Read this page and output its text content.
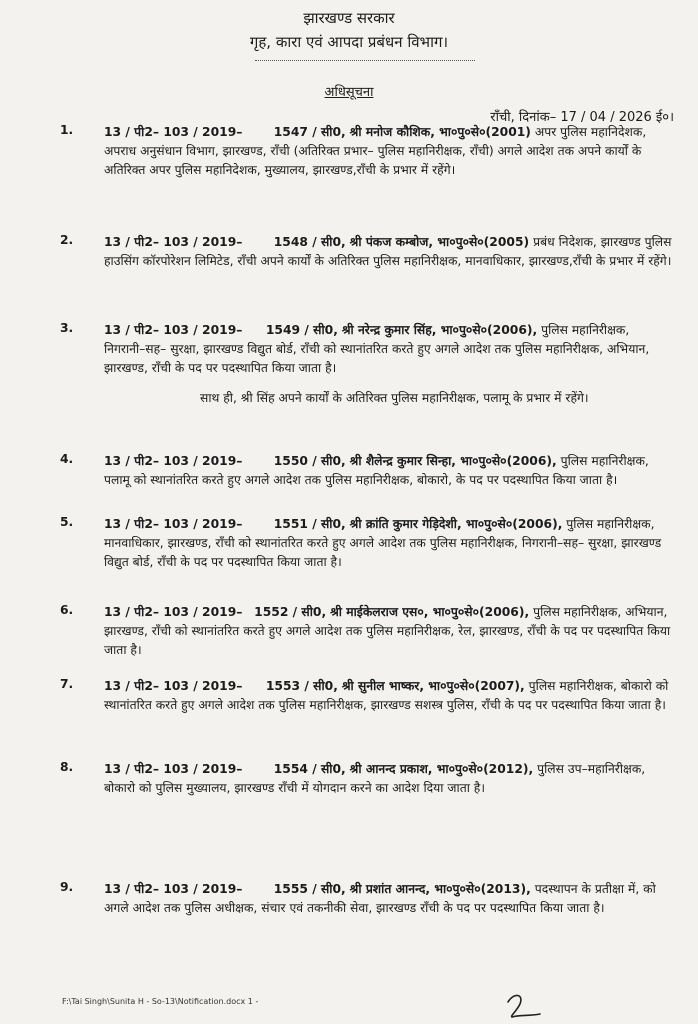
झारखण्ड सरकार
गृह, कारा एवं आपदा प्रबंधन विभाग।
अधिसूचना
राँची, दिनांक– 17 / 04 / 2026 ई०।
1.	13 / पी2– 103 / 2019–	1547 / सी0, श्री मनोज कौशिक, भा०पु०से०(2001) अपर पुलिस महानिदेशक, अपराध अनुसंधान विभाग, झारखण्ड, राँची (अतिरिक्त प्रभार– पुलिस महानिरीक्षक, राँची) अगले आदेश तक अपने कार्यों के अतिरिक्त अपर पुलिस महानिदेशक, मुख्यालय, झारखण्ड,राँची के प्रभार में रहेंगे।
2.	13 / पी2– 103 / 2019–	1548 / सी0, श्री पंकज कम्बोज, भा०पु०से०(2005) प्रबंध निदेशक, झारखण्ड पुलिस हाउसिंग कॉरपोरेशन लिमिटेड, राँची अपने कार्यों के अतिरिक्त पुलिस महानिरीक्षक, मानवाधिकार, झारखण्ड,राँची के प्रभार में रहेंगे।
3.	13 / पी2– 103 / 2019– 1549 / सी0, श्री नरेन्द्र कुमार सिंह, भा०पु०से०(2006), पुलिस महानिरीक्षक, निगरानी–सह– सुरक्षा, झारखण्ड विद्युत बोर्ड, राँची को स्थानांतरित करते हुए अगले आदेश तक पुलिस महानिरीक्षक, अभियान, झारखण्ड, राँची के पद पर पदस्थापित किया जाता है।
साथ ही, श्री सिंह अपने कार्यों के अतिरिक्त पुलिस महानिरीक्षक, पलामू के प्रभार में रहेंगे।
4.	13 / पी2– 103 / 2019–	1550 / सी0, श्री शैलेन्द्र कुमार सिन्हा, भा०पु०से०(2006), पुलिस महानिरीक्षक, पलामू को स्थानांतरित करते हुए अगले आदेश तक पुलिस महानिरीक्षक, बोकारो, के पद पर पदस्थापित किया जाता है।
5.	13 / पी2– 103 / 2019–	1551 / सी0, श्री क्रांति कुमार गेड़िदेशी, भा०पु०से०(2006), पुलिस महानिरीक्षक, मानवाधिकार, झारखण्ड, राँची को स्थानांतरित करते हुए अगले आदेश तक पुलिस महानिरीक्षक, निगरानी–सह– सुरक्षा, झारखण्ड विद्युत बोर्ड, राँची के पद पर पदस्थापित किया जाता है।
6.	13 / पी2– 103 / 2019– 1552 / सी0, श्री माईकेलराज एस०, भा०पु०से०(2006), पुलिस महानिरीक्षक, अभियान, झारखण्ड, राँची को स्थानांतरित करते हुए अगले आदेश तक पुलिस महानिरीक्षक, रेल, झारखण्ड, राँची के पद पर पदस्थापित किया जाता है।
7.	13 / पी2– 103 / 2019– 1553 / सी0, श्री सुनील भाष्कर, भा०पु०से०(2007), पुलिस महानिरीक्षक, बोकारो को स्थानांतरित करते हुए अगले आदेश तक पुलिस महानिरीक्षक, झारखण्ड सशस्त्र पुलिस, राँची के पद पर पदस्थापित किया जाता है।
8.	13 / पी2– 103 / 2019–	1554 / सी0, श्री आनन्द प्रकाश, भा०पु०से०(2012), पुलिस उप–महानिरीक्षक, बोकारो को पुलिस मुख्यालय, झारखण्ड राँची में योगदान करने का आदेश दिया जाता है।
9.	13 / पी2– 103 / 2019–	1555 / सी0, श्री प्रशांत आनन्द, भा०पु०से०(2013), पदस्थापन के प्रतीक्षा में, को अगले आदेश तक पुलिस अधीक्षक, संचार एवं तकनीकी सेवा, झारखण्ड राँची के पद पर पदस्थापित किया जाता है।
F:\Tai Singh\Sunita H - So-13\Notification.docx 1 -
